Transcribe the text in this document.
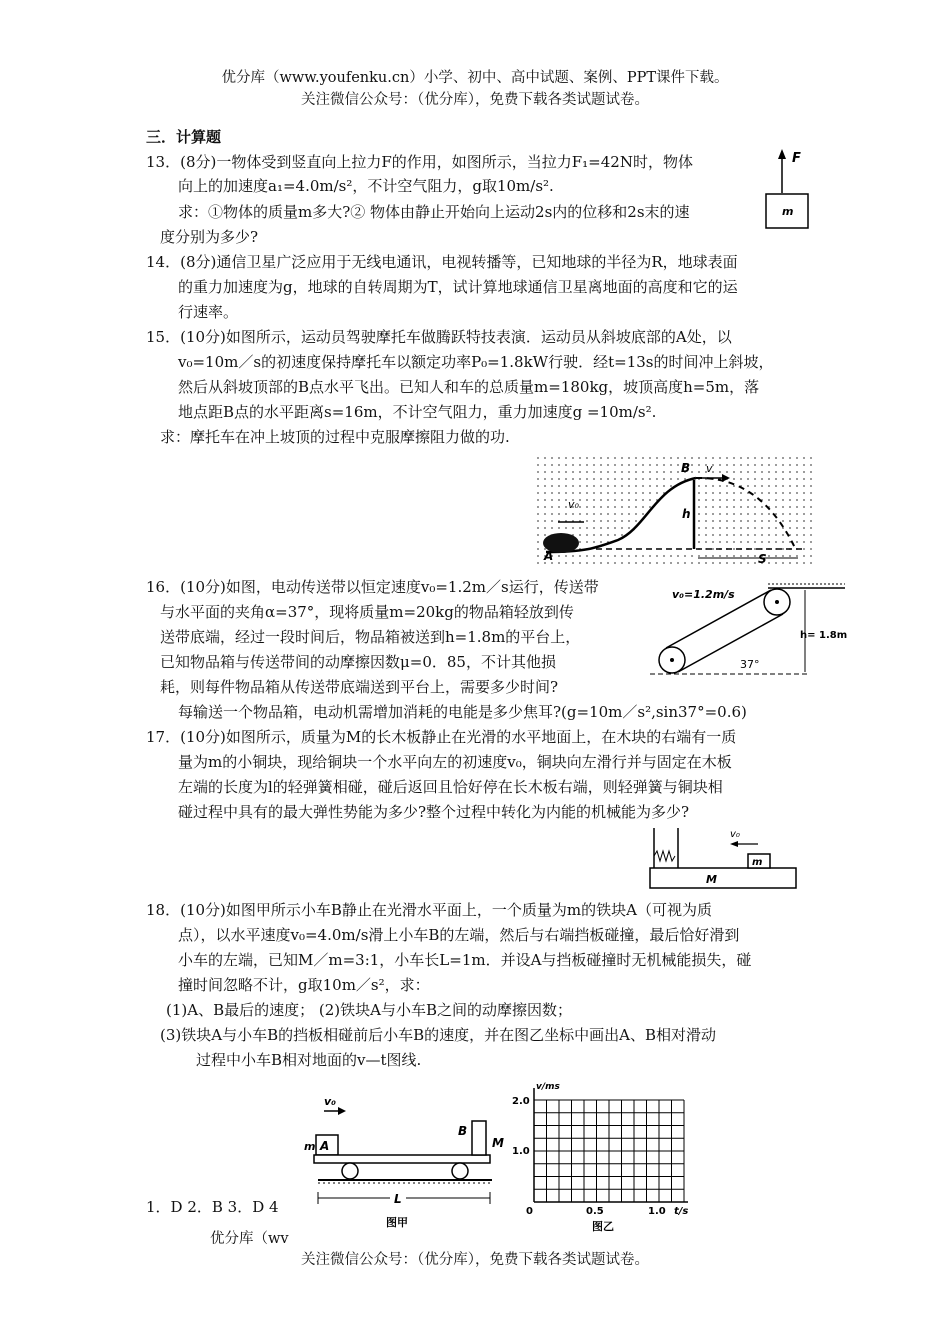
优分库（www.youfenku.cn）小学、初中、高中试题、案例、PPT课件下载。
关注微信公众号：（优分库），免费下载各类试题试卷。
三．计算题
13．(8分)一物体受到竖直向上拉力F的作用，如图所示，当拉力F₁=42N时，物体
向上的加速度a₁=4.0m/s²，不计空气阻力，g取10m/s².
求：①物体的质量m多大?② 物体由静止开始向上运动2s内的位移和2s末的速
度分别为多少?
F
m
14．(8分)通信卫星广泛应用于无线电通讯，电视转播等，已知地球的半径为R，地球表面
的重力加速度为g，地球的自转周期为T，试计算地球通信卫星离地面的高度和它的运
行速率。
15．(10分)如图所示，运动员驾驶摩托车做腾跃特技表演．运动员从斜坡底部的A处，以
v₀=10m／s的初速度保持摩托车以额定功率P₀=1.8kW行驶．经t=13s的时间冲上斜坡，
然后从斜坡顶部的B点水平飞出。已知人和车的总质量m=180kg，坡顶高度h=5m，落
地点距B点的水平距离s=16m，不计空气阻力，重力加速度g =10m/s².
求：摩托车在冲上坡顶的过程中克服摩擦阻力做的功.
B v
v₀
h
A	S
16．(10分)如图，电动传送带以恒定速度v₀=1.2m／s运行，传送带
与水平面的夹角α=37°，现将质量m=20kg的物品箱轻放到传
送带底端，经过一段时间后，物品箱被送到h=1.8m的平台上，
已知物品箱与传送带间的动摩擦因数μ=0．85，不计其他损
耗，则每件物品箱从传送带底端送到平台上，需要多少时间?
每输送一个物品箱，电动机需增加消耗的电能是多少焦耳?(g=10m／s²,sin37°=0.6)
v₀=1.2m/s
h= 1.8m
37°
17．(10分)如图所示，质量为M的长木板静止在光滑的水平地面上，在木块的右端有一质
量为m的小铜块，现给铜块一个水平向左的初速度v₀，铜块向左滑行并与固定在木板
左端的长度为l的轻弹簧相碰，碰后返回且恰好停在长木板右端，则轻弹簧与铜块相
碰过程中具有的最大弹性势能为多少?整个过程中转化为内能的机械能为多少?
v₀
m
M
18．(10分)如图甲所示小车B静止在光滑水平面上，一个质量为m的铁块A（可视为质
点），以水平速度v₀=4.0m/s滑上小车B的左端，然后与右端挡板碰撞，最后恰好滑到
小车的左端，已知M／m=3:1，小车长L=1m．并设A与挡板碰撞时无机械能损失，碰
撞时间忽略不计，g取10m／s²，求：
(1)A、B最后的速度； (2)铁块A与小车B之间的动摩擦因数；
(3)铁块A与小车B的挡板相碰前后小车B的速度，并在图乙坐标中画出A、B相对滑动
过程中小车B相对地面的v—t图线.
v₀
m A
B
M
L
图甲
v/ms
2.0
1.0
0	0.5	1.0 t/s
图乙
1．D 2．B 3．D 4
优分库（wv
关注微信公众号：（优分库），免费下载各类试题试卷。
